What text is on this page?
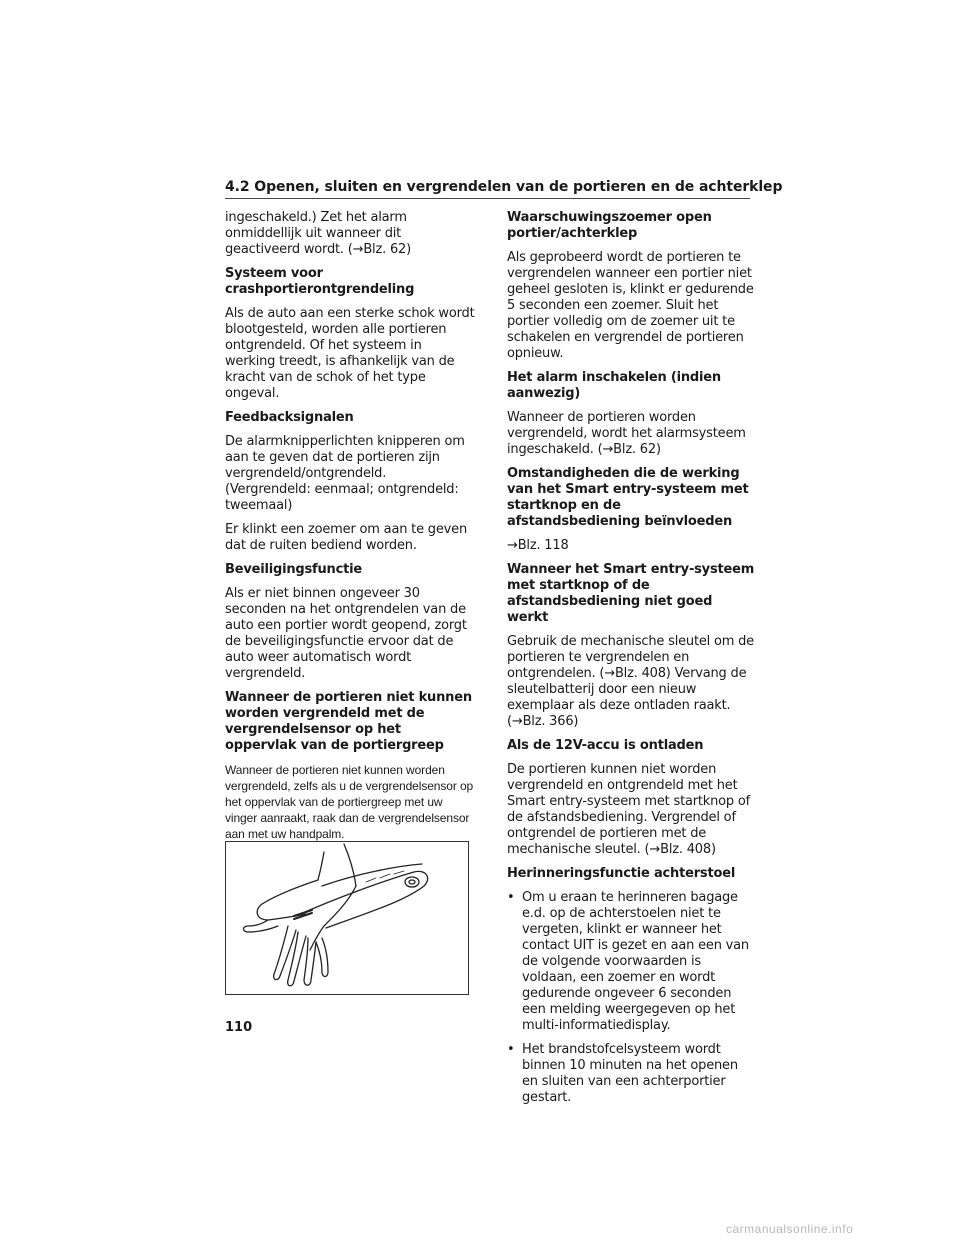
4.2 Openen, sluiten en vergrendelen van de portieren en de achterklep

ingeschakeld.) Zet het alarm onmiddellijk uit wanneer dit geactiveerd wordt. (→Blz. 62)

Systeem voor crashportierontgrendeling

Als de auto aan een sterke schok wordt blootgesteld, worden alle portieren ontgrendeld. Of het systeem in werking treedt, is afhankelijk van de kracht van de schok of het type ongeval.

Feedbacksignalen

De alarmknipperlichten knipperen om aan te geven dat de portieren zijn vergrendeld/ontgrendeld. (Vergrendeld: eenmaal; ontgrendeld: tweemaal)

Er klinkt een zoemer om aan te geven dat de ruiten bediend worden.

Beveiligingsfunctie

Als er niet binnen ongeveer 30 seconden na het ontgrendelen van de auto een portier wordt geopend, zorgt de beveiligingsfunctie ervoor dat de auto weer automatisch wordt vergrendeld.

Wanneer de portieren niet kunnen worden vergrendeld met de vergrendelsensor op het oppervlak van de portiergreep

Wanneer de portieren niet kunnen worden vergrendeld, zelfs als u de vergrendelsensor op het oppervlak van de portiergreep met uw vinger aanraakt, raak dan de vergrendelsensor aan met uw handpalm.

Waarschuwingszoemer open portier/achterklep

Als geprobeerd wordt de portieren te vergrendelen wanneer een portier niet geheel gesloten is, klinkt er gedurende 5 seconden een zoemer. Sluit het portier volledig om de zoemer uit te schakelen en vergrendel de portieren opnieuw.

Het alarm inschakelen (indien aanwezig)

Wanneer de portieren worden vergrendeld, wordt het alarmsysteem ingeschakeld. (→Blz. 62)

Omstandigheden die de werking van het Smart entry-systeem met startknop en de afstandsbediening beïnvloeden

→Blz. 118

Wanneer het Smart entry-systeem met startknop of de afstandsbediening niet goed werkt

Gebruik de mechanische sleutel om de portieren te vergrendelen en ontgrendelen. (→Blz. 408) Vervang de sleutelbatterij door een nieuw exemplaar als deze ontladen raakt. (→Blz. 366)

Als de 12V-accu is ontladen

De portieren kunnen niet worden vergrendeld en ontgrendeld met het Smart entry-systeem met startknop of de afstandsbediening. Vergrendel of ontgrendel de portieren met de mechanische sleutel. (→Blz. 408)

Herinneringsfunctie achterstoel

• Om u eraan te herinneren bagage e.d. op de achterstoelen niet te vergeten, klinkt er wanneer het contact UIT is gezet en aan een van de volgende voorwaarden is voldaan, een zoemer en wordt gedurende ongeveer 6 seconden een melding weergegeven op het multi-informatiedisplay.

• Het brandstofcelsysteem wordt binnen 10 minuten na het openen en sluiten van een achterportier gestart.

110
carmanualsonline.info
